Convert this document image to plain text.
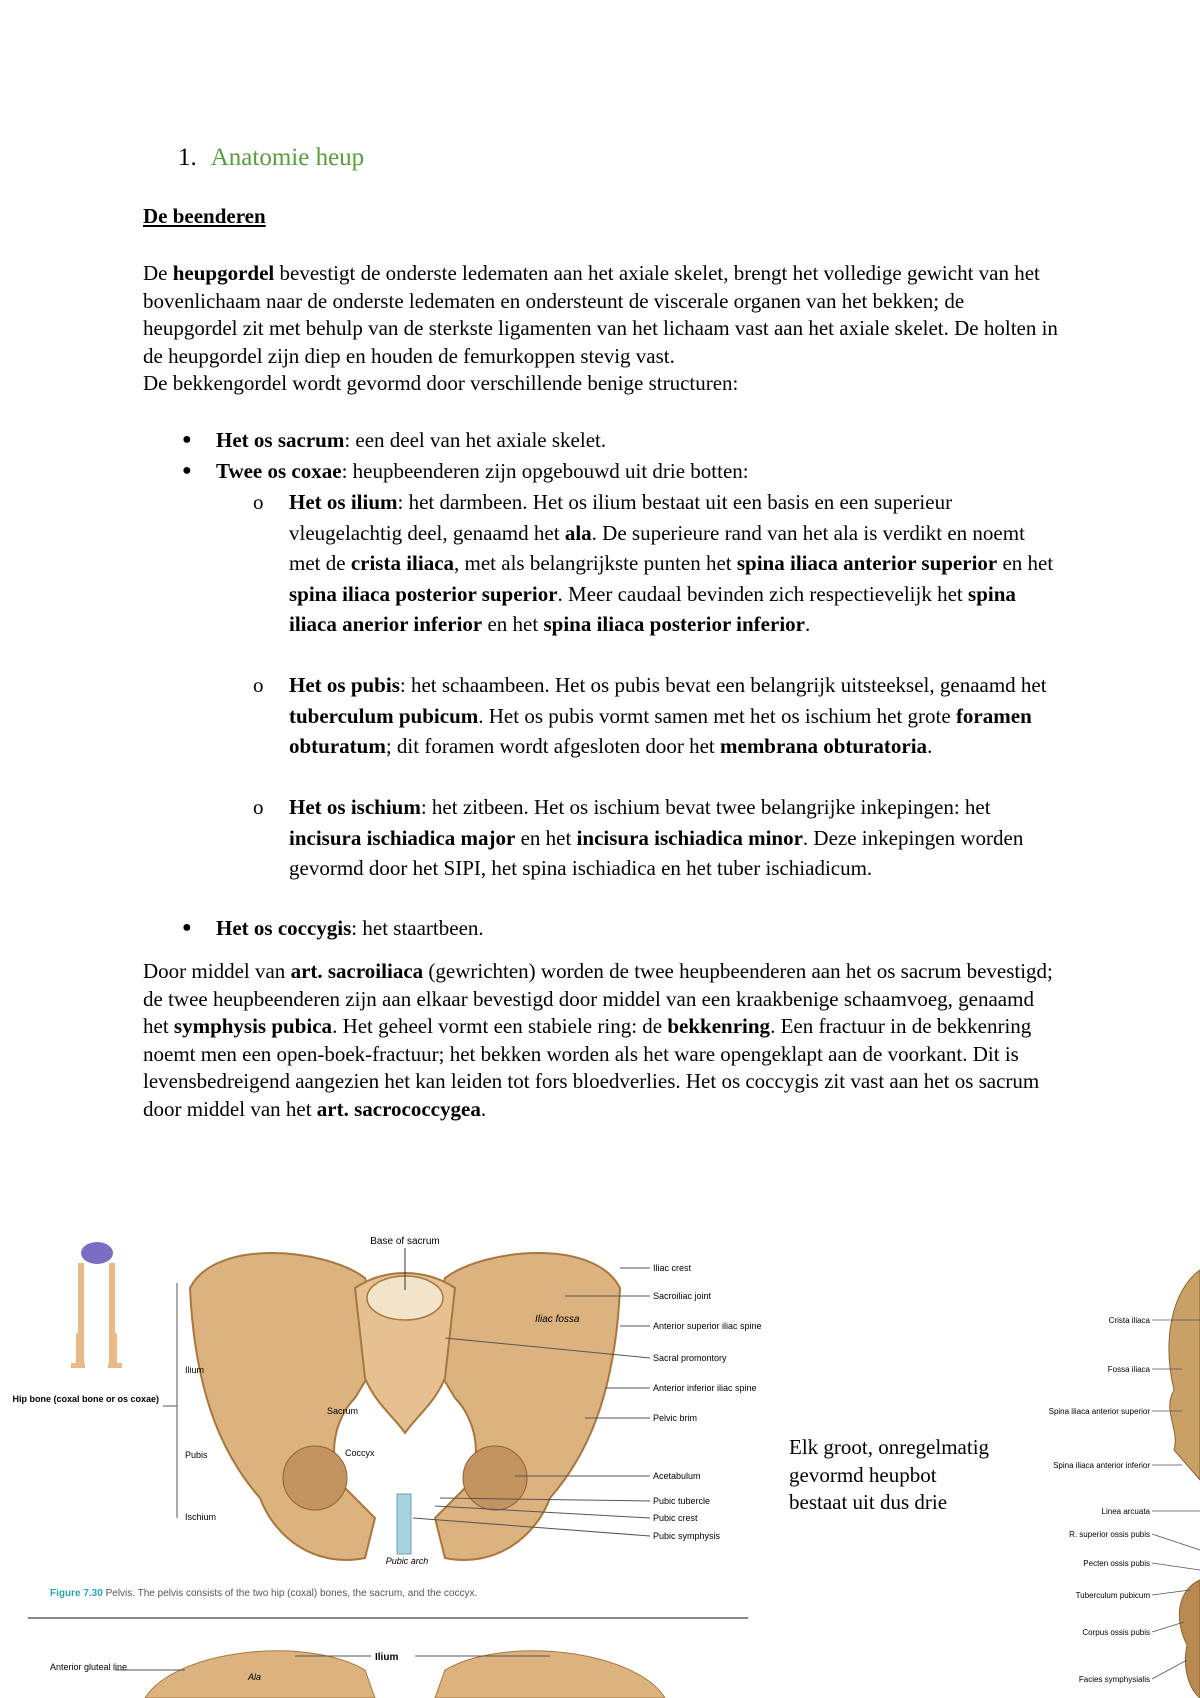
1. Anatomie heup
De beenderen
De heupgordel bevestigt de onderste ledematen aan het axiale skelet, brengt het volledige gewicht van het bovenlichaam naar de onderste ledematen en ondersteunt de viscerale organen van het bekken; de heupgordel zit met behulp van de sterkste ligamenten van het lichaam vast aan het axiale skelet. De holten in de heupgordel zijn diep en houden de femurkoppen stevig vast.
De bekkengordel wordt gevormd door verschillende benige structuren:
● Het os sacrum: een deel van het axiale skelet.
● Twee os coxae: heupbeenderen zijn opgebouwd uit drie botten:
o Het os ilium: het darmbeen. Het os ilium bestaat uit een basis en een superieur vleugelachtig deel, genaamd het ala. De superieure rand van het ala is verdikt en noemt met de crista iliaca, met als belangrijkste punten het spina iliaca anterior superior en het spina iliaca posterior superior. Meer caudaal bevinden zich respectievelijk het spina iliaca anerior inferior en het spina iliaca posterior inferior.
o Het os pubis: het schaambeen. Het os pubis bevat een belangrijk uitsteeksel, genaamd het tuberculum pubicum. Het os pubis vormt samen met het os ischium het grote foramen obturatum; dit foramen wordt afgesloten door het membrana obturatoria.
o Het os ischium: het zitbeen. Het os ischium bevat twee belangrijke inkepingen: het incisura ischiadica major en het incisura ischiadica minor. Deze inkepingen worden gevormd door het SIPI, het spina ischiadica en het tuber ischiadicum.
● Het os coccygis: het staartbeen.
Door middel van art. sacroiliaca (gewrichten) worden de twee heupbeenderen aan het os sacrum bevestigd; de twee heupbeenderen zijn aan elkaar bevestigd door middel van een kraakbenige schaamvoeg, genaamd het symphysis pubica. Het geheel vormt een stabiele ring: de bekkenring. Een fractuur in de bekkenring noemt men een open-boek-fractuur; het bekken worden als het ware opengeklapt aan de voorkant. Dit is levensbedreigend aangezien het kan leiden tot fors bloedverlies. Het os coccygis zit vast aan het os sacrum door middel van het art. sacrococcygea.
Hip bone (coxal bone or os coxae)
Ilium
Pubis
Ischium
Base of sacrum
Iliac fossa
Sacrum
Coccyx
Pubic arch
Iliac crest
Sacroiliac joint
Anterior superior iliac spine
Sacral promontory
Anterior inferior iliac spine
Pelvic brim
Acetabulum
Pubic tubercle
Pubic crest
Pubic symphysis
Figure 7.30 Pelvis. The pelvis consists of the two hip (coxal) bones, the sacrum, and the coccyx.
Anterior gluteal line
Ilium
Ala
Elk groot, onregelmatig gevormd heupbot bestaat uit dus drie
Crista iliaca
Fossa iliaca
Spina iliaca anterior superior
Spina iliaca anterior inferior
Linea arcuata
R. superior ossis pubis
Pecten ossis pubis
Tuberculum pubicum
Corpus ossis pubis
Facies symphysialis
